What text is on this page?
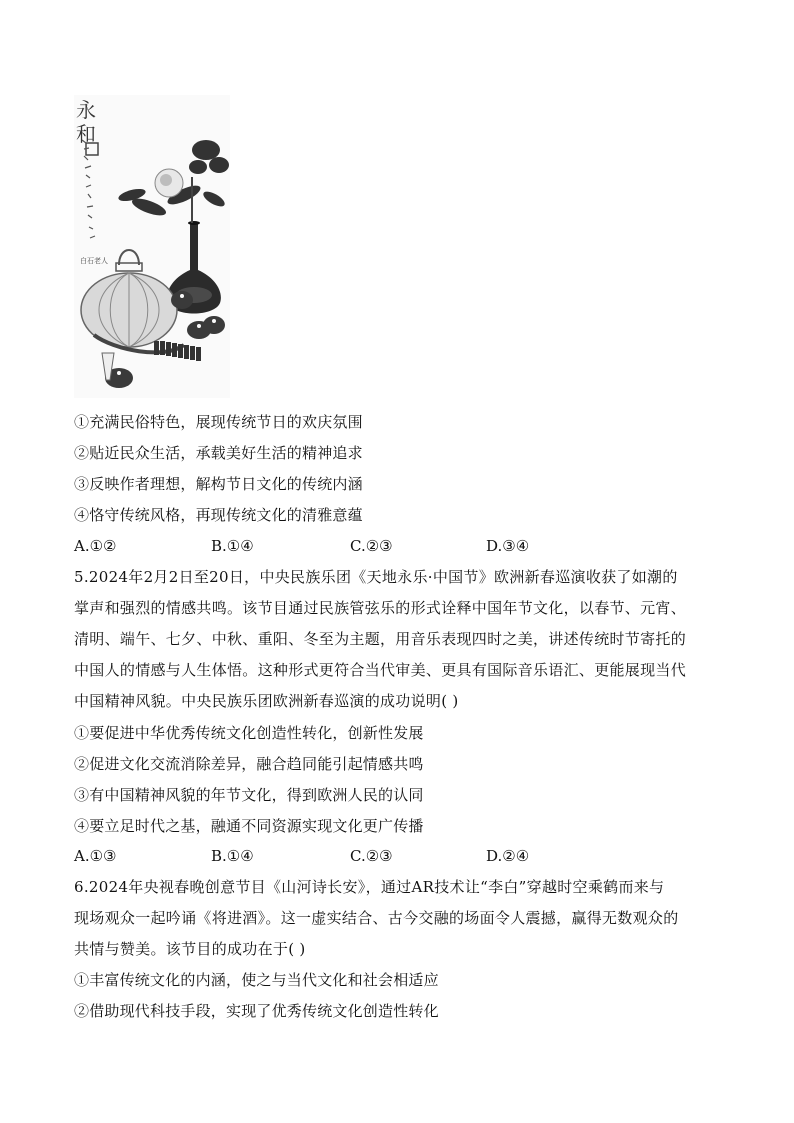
永和
白石老人
①充满民俗特色，展现传统节日的欢庆氛围
②贴近民众生活，承载美好生活的精神追求
③反映作者理想，解构节日文化的传统内涵
④恪守传统风格，再现传统文化的清雅意蕴
A.①②	B.①④	C.②③	D.③④
5.2024年2月2日至20日，中央民族乐团《天地永乐·中国节》欧洲新春巡演收获了如潮的
掌声和强烈的情感共鸣。该节目通过民族管弦乐的形式诠释中国年节文化，以春节、元宵、
清明、端午、七夕、中秋、重阳、冬至为主题，用音乐表现四时之美，讲述传统时节寄托的
中国人的情感与人生体悟。这种形式更符合当代审美、更具有国际音乐语汇、更能展现当代
中国精神风貌。中央民族乐团欧洲新春巡演的成功说明( )
①要促进中华优秀传统文化创造性转化，创新性发展
②促进文化交流消除差异，融合趋同能引起情感共鸣
③有中国精神风貌的年节文化，得到欧洲人民的认同
④要立足时代之基，融通不同资源实现文化更广传播
A.①③	B.①④	C.②③	D.②④
6.2024年央视春晚创意节目《山河诗长安》，通过AR技术让“李白”穿越时空乘鹤而来与
现场观众一起吟诵《将进酒》。这一虚实结合、古今交融的场面令人震撼，赢得无数观众的
共情与赞美。该节目的成功在于( )
①丰富传统文化的内涵，使之与当代文化和社会相适应
②借助现代科技手段，实现了优秀传统文化创造性转化
